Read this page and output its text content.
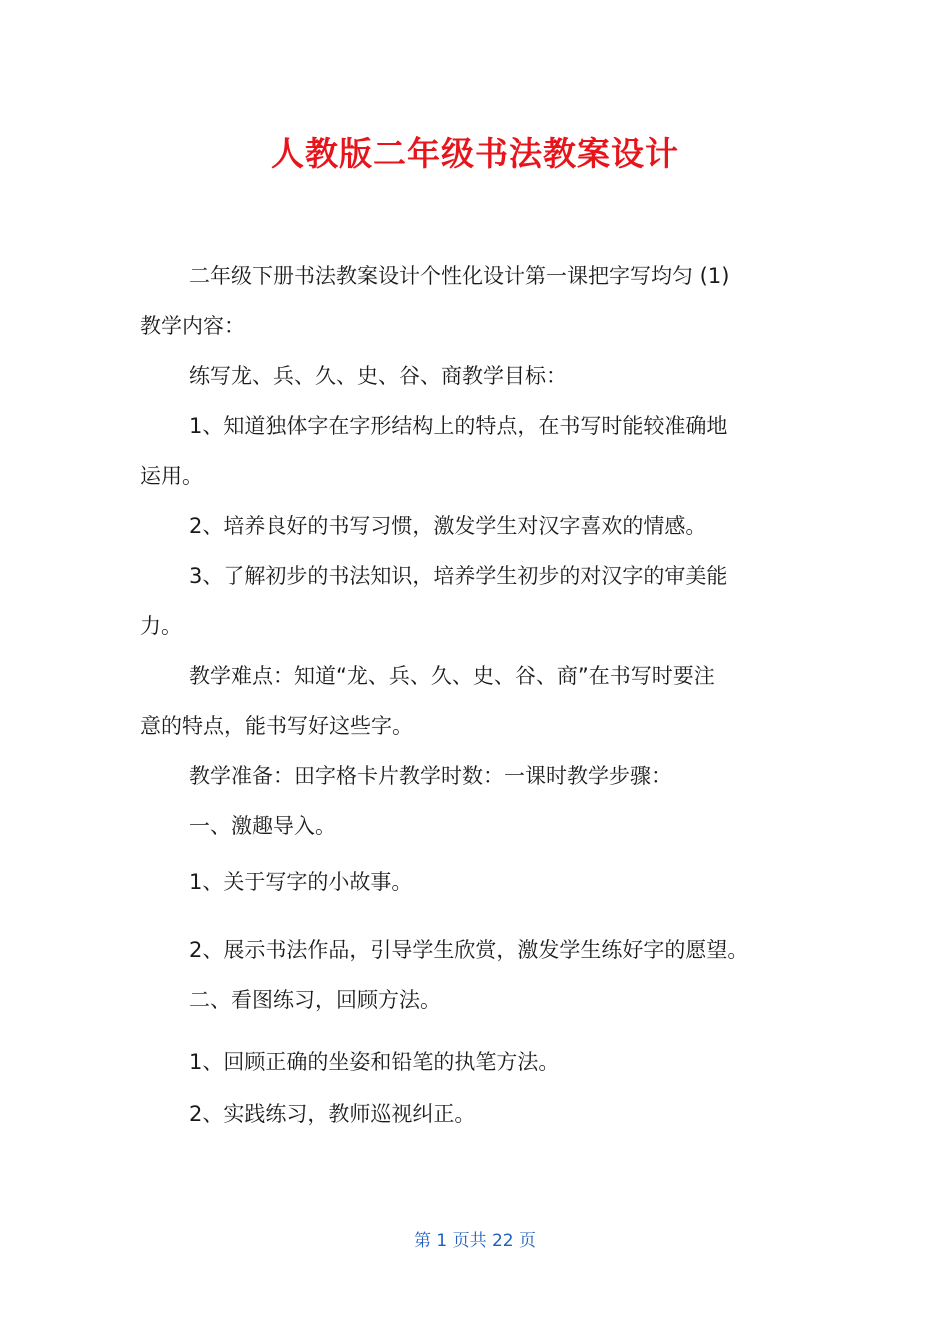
人教版二年级书法教案设计
二年级下册书法教案设计个性化设计第一课把字写均匀 (1)
教学内容：
练写龙、兵、久、史、谷、商教学目标：
1、知道独体字在字形结构上的特点，在书写时能较准确地
运用。
2、培养良好的书写习惯，激发学生对汉字喜欢的情感。
3、了解初步的书法知识，培养学生初步的对汉字的审美能
力。
教学难点：知道“龙、兵、久、史、谷、商”在书写时要注
意的特点，能书写好这些字。
教学准备：田字格卡片教学时数：一课时教学步骤：
一、激趣导入。
1、关于写字的小故事。
2、展示书法作品，引导学生欣赏，激发学生练好字的愿望。
二、看图练习，回顾方法。
1、回顾正确的坐姿和铅笔的执笔方法。
2、实践练习，教师巡视纠正。
第 1 页共 22 页
